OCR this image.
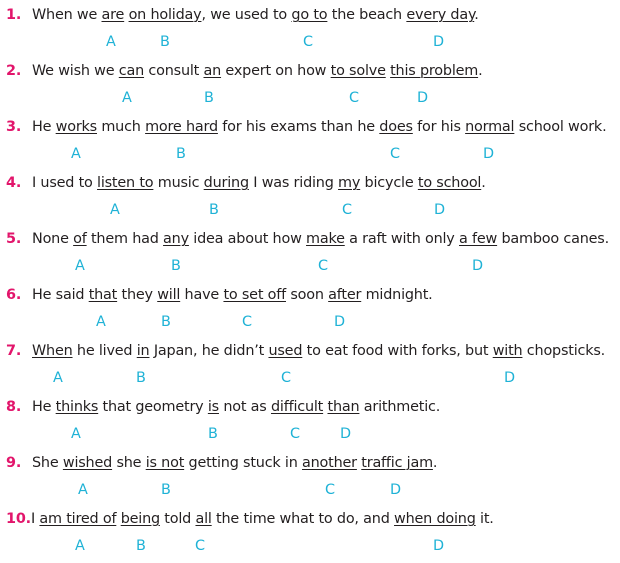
1. When we are on holiday, we used to go to the beach every day.
A	B	C	D
2. We wish we can consult an expert on how to solve this problem.
A	B	C	D
3. He works much more hard for his exams than he does for his normal school work.
A	B	C	D
4. I used to listen to music during I was riding my bicycle to school.
A	B	C	D
5. None of them had any idea about how make a raft with only a few bamboo canes.
A	B	C	D
6. He said that they will have to set off soon after midnight.
A	B	C	D
7. When he lived in Japan, he didn’t used to eat food with forks, but with chopsticks.
A	B	C	D
8. He thinks that geometry is not as difficult than arithmetic.
A	B	C	D
9. She wished she is not getting stuck in another traffic jam.
A	B	C	D
10.I am tired of being told all the time what to do, and when doing it.
A	B	C	D
